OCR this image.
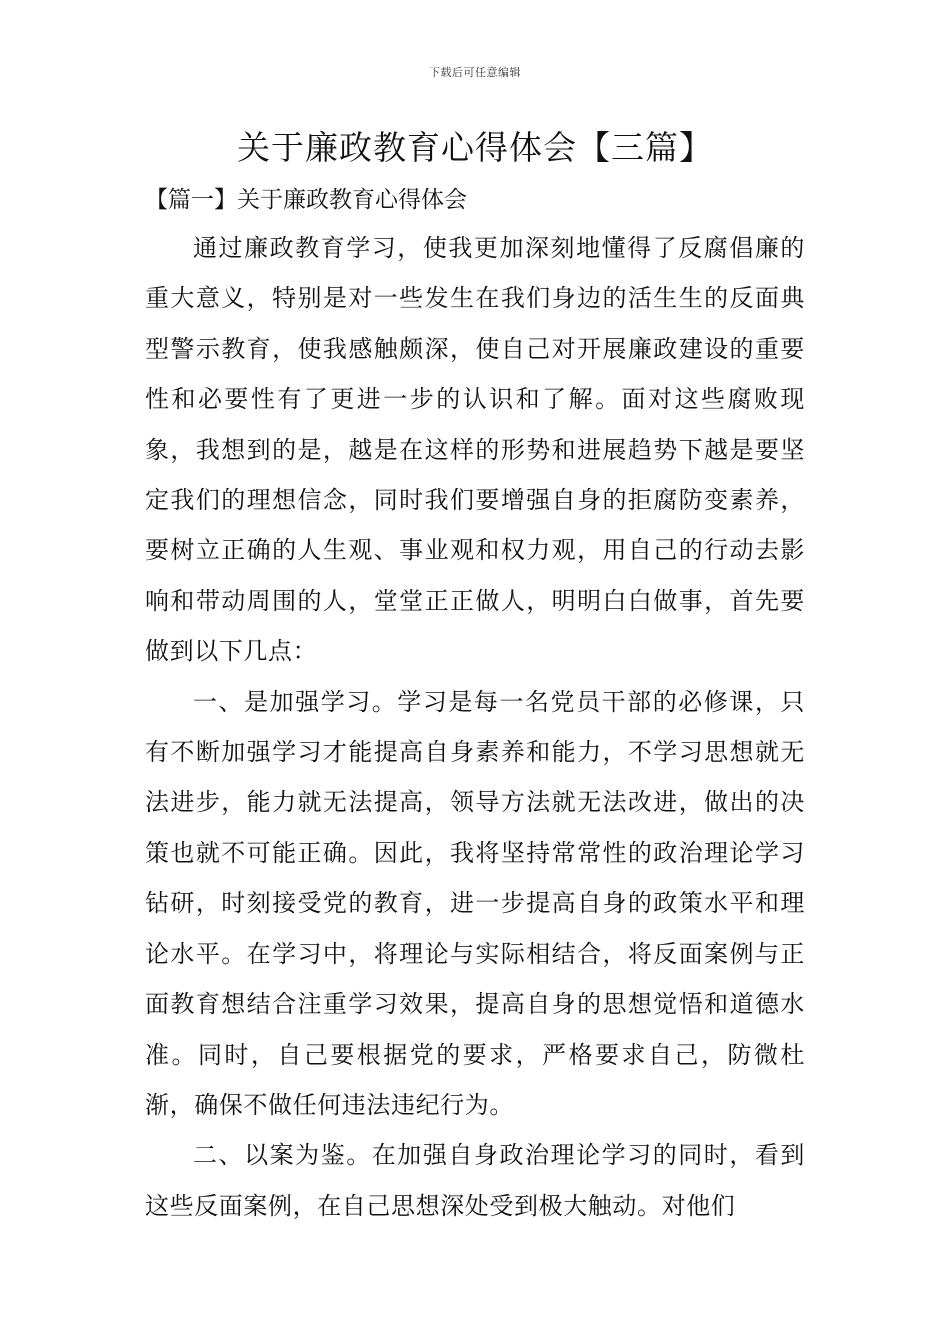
下载后可任意编辑
关于廉政教育心得体会【三篇】
【篇一】关于廉政教育心得体会

通过廉政教育学习，使我更加深刻地懂得了反腐倡廉的重大意义，特别是对一些发生在我们身边的活生生的反面典型警示教育，使我感触颇深，使自己对开展廉政建设的重要性和必要性有了更进一步的认识和了解。面对这些腐败现象，我想到的是，越是在这样的形势和进展趋势下越是要坚定我们的理想信念，同时我们要增强自身的拒腐防变素养，要树立正确的人生观、事业观和权力观，用自己的行动去影响和带动周围的人，堂堂正正做人，明明白白做事，首先要做到以下几点：

一、是加强学习。学习是每一名党员干部的必修课，只有不断加强学习才能提高自身素养和能力，不学习思想就无法进步，能力就无法提高，领导方法就无法改进，做出的决策也就不可能正确。因此，我将坚持常常性的政治理论学习钻研，时刻接受党的教育，进一步提高自身的政策水平和理论水平。在学习中，将理论与实际相结合，将反面案例与正面教育想结合注重学习效果，提高自身的思想觉悟和道德水准。同时，自己要根据党的要求，严格要求自己，防微杜渐，确保不做任何违法违纪行为。

二、以案为鉴。在加强自身政治理论学习的同时，看到这些反面案例，在自己思想深处受到极大触动。对他们
